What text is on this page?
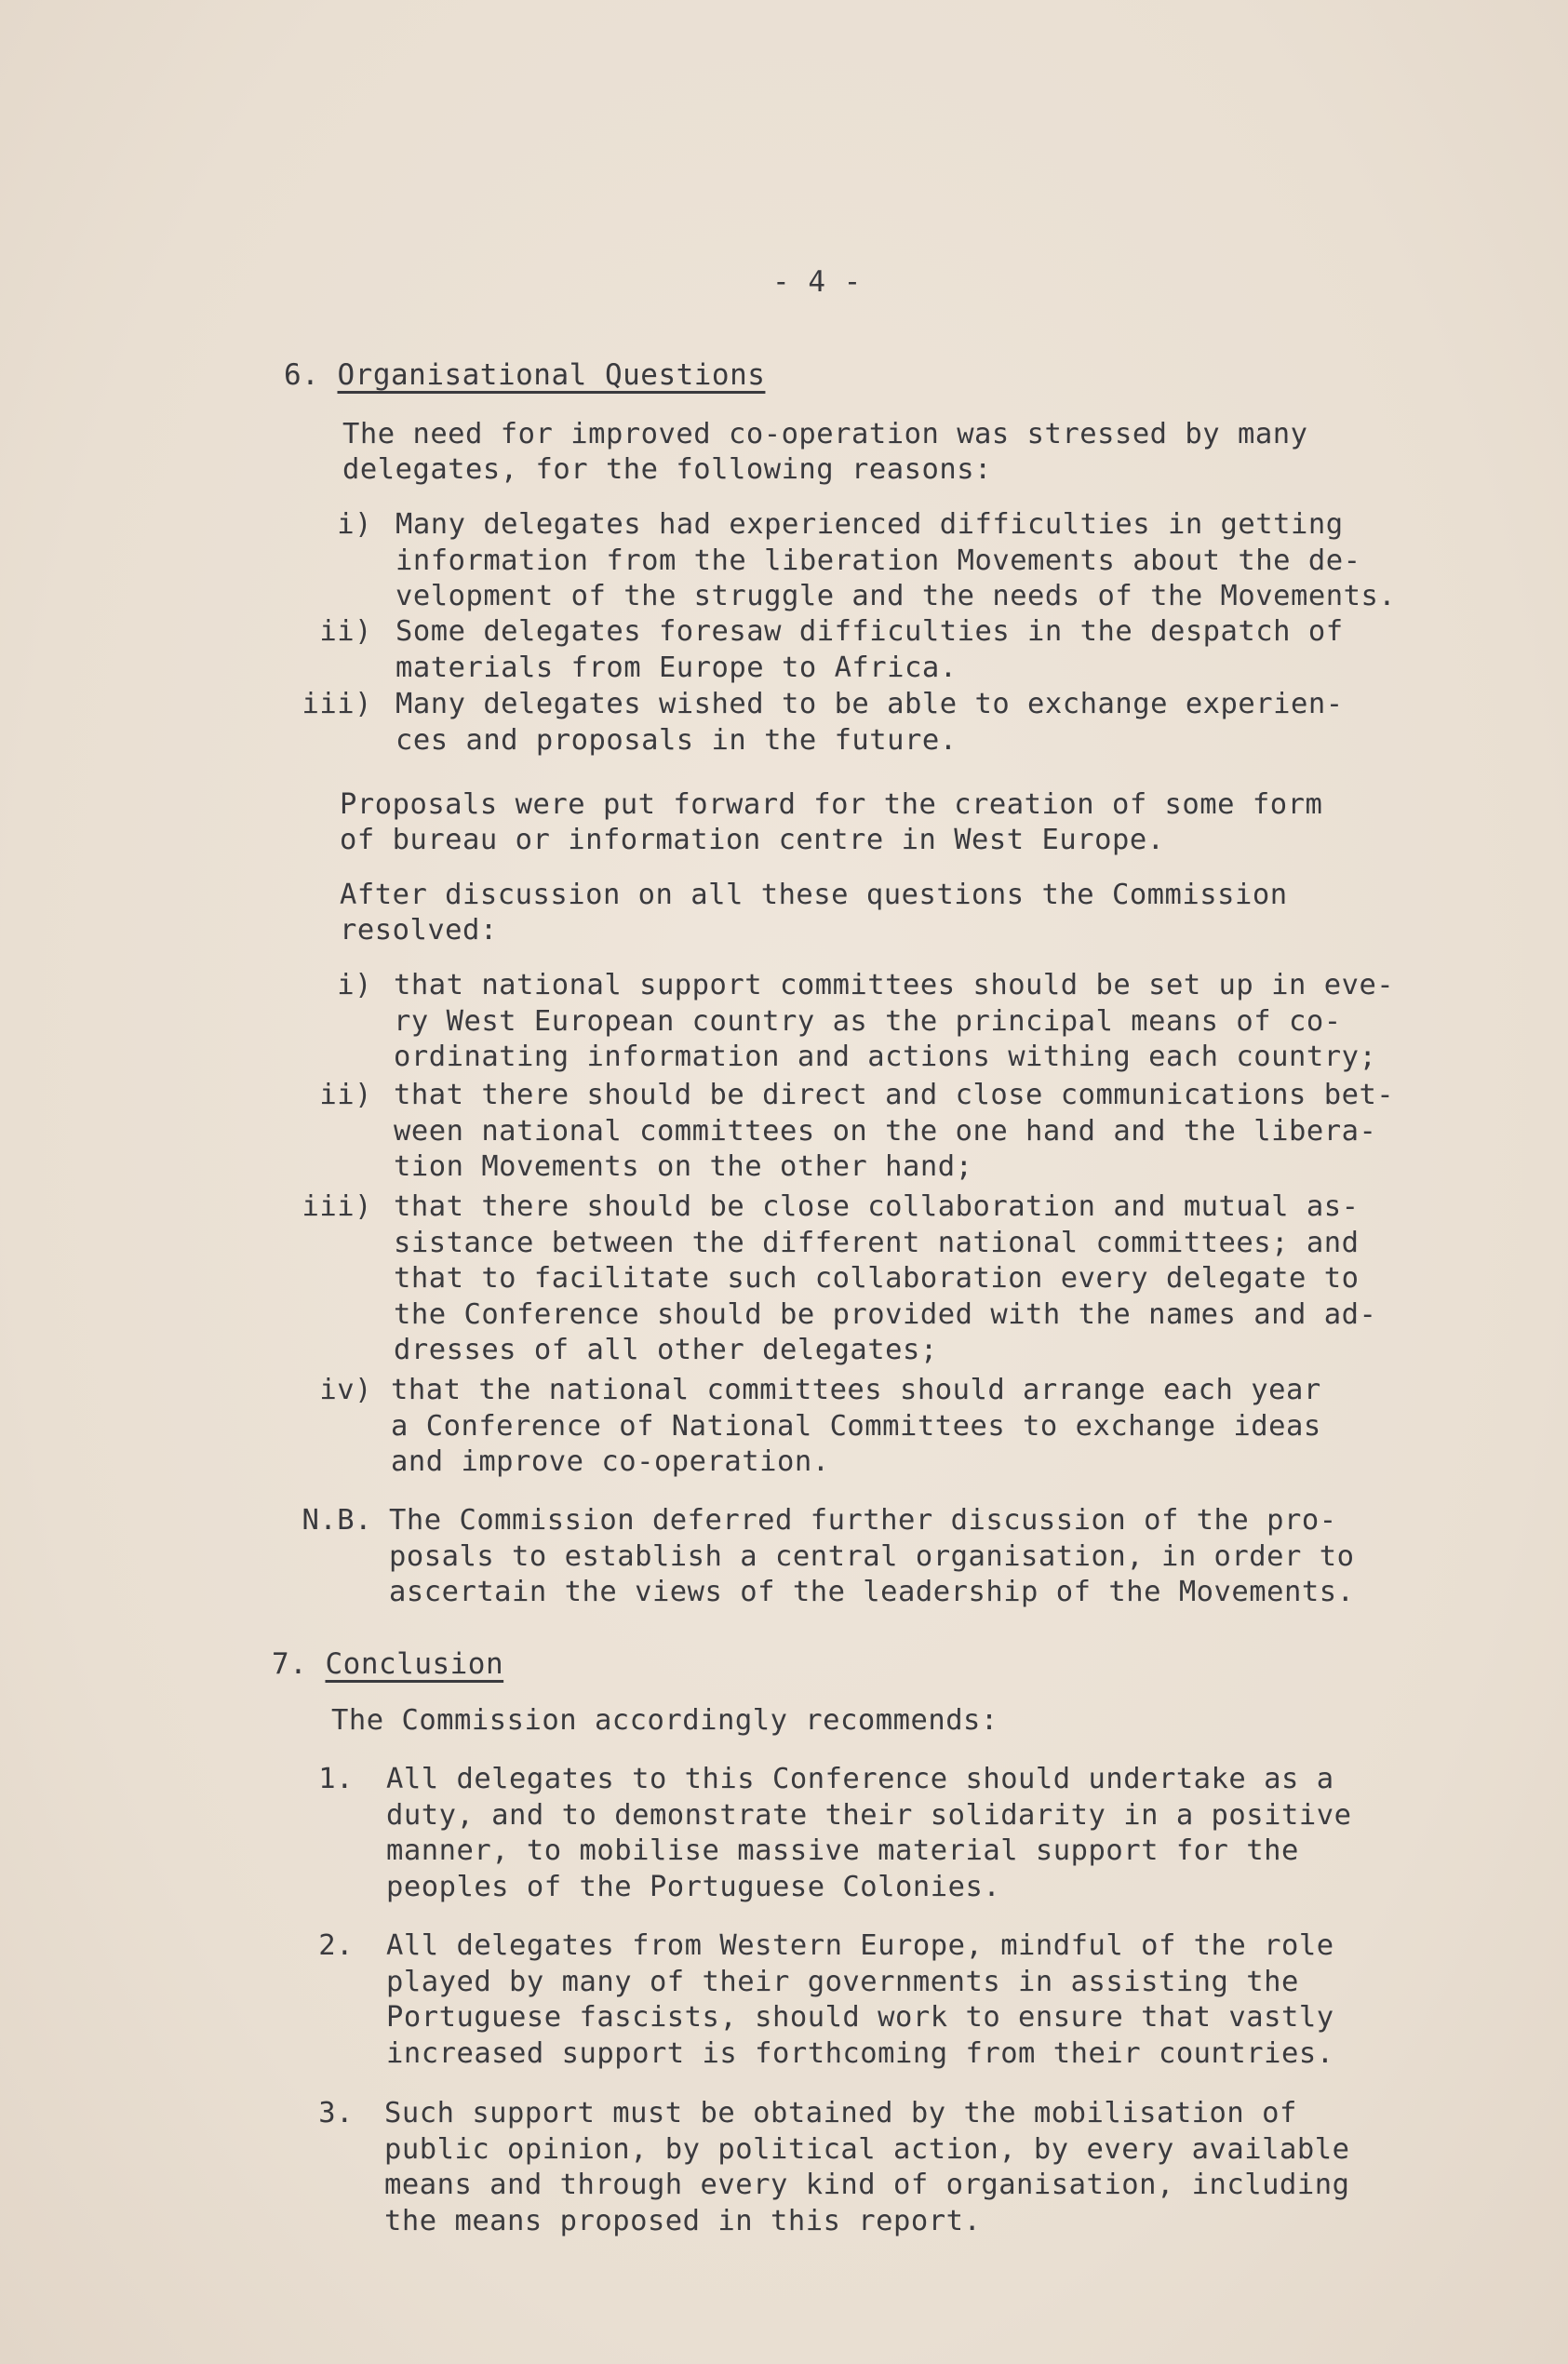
- 4 -
6. Organisational Questions
The need for improved co-operation was stressed by many
delegates, for the following reasons:
i) Many delegates had experienced difficulties in getting
information from the liberation Movements about the de-
velopment of the struggle and the needs of the Movements.
ii) Some delegates foresaw difficulties in the despatch of
materials from Europe to Africa.
iii) Many delegates wished to be able to exchange experien-
ces and proposals in the future.
Proposals were put forward for the creation of some form
of bureau or information centre in West Europe.
After discussion on all these questions the Commission
resolved:
i) that national support committees should be set up in eve-
ry West European country as the principal means of co-
ordinating information and actions withing each country;
ii) that there should be direct and close communications bet-
ween national committees on the one hand and the libera-
tion Movements on the other hand;
iii) that there should be close collaboration and mutual as-
sistance between the different national committees; and
that to facilitate such collaboration every delegate to
the Conference should be provided with the names and ad-
dresses of all other delegates;
iv) that the national committees should arrange each year
a Conference of National Committees to exchange ideas
and improve co-operation.
N.B. The Commission deferred further discussion of the pro-
posals to establish a central organisation, in order to
ascertain the views of the leadership of the Movements.
7. Conclusion
The Commission accordingly recommends:
1. All delegates to this Conference should undertake as a
duty, and to demonstrate their solidarity in a positive
manner, to mobilise massive material support for the
peoples of the Portuguese Colonies.
2. All delegates from Western Europe, mindful of the role
played by many of their governments in assisting the
Portuguese fascists, should work to ensure that vastly
increased support is forthcoming from their countries.
3. Such support must be obtained by the mobilisation of
public opinion, by political action, by every available
means and through every kind of organisation, including
the means proposed in this report.
